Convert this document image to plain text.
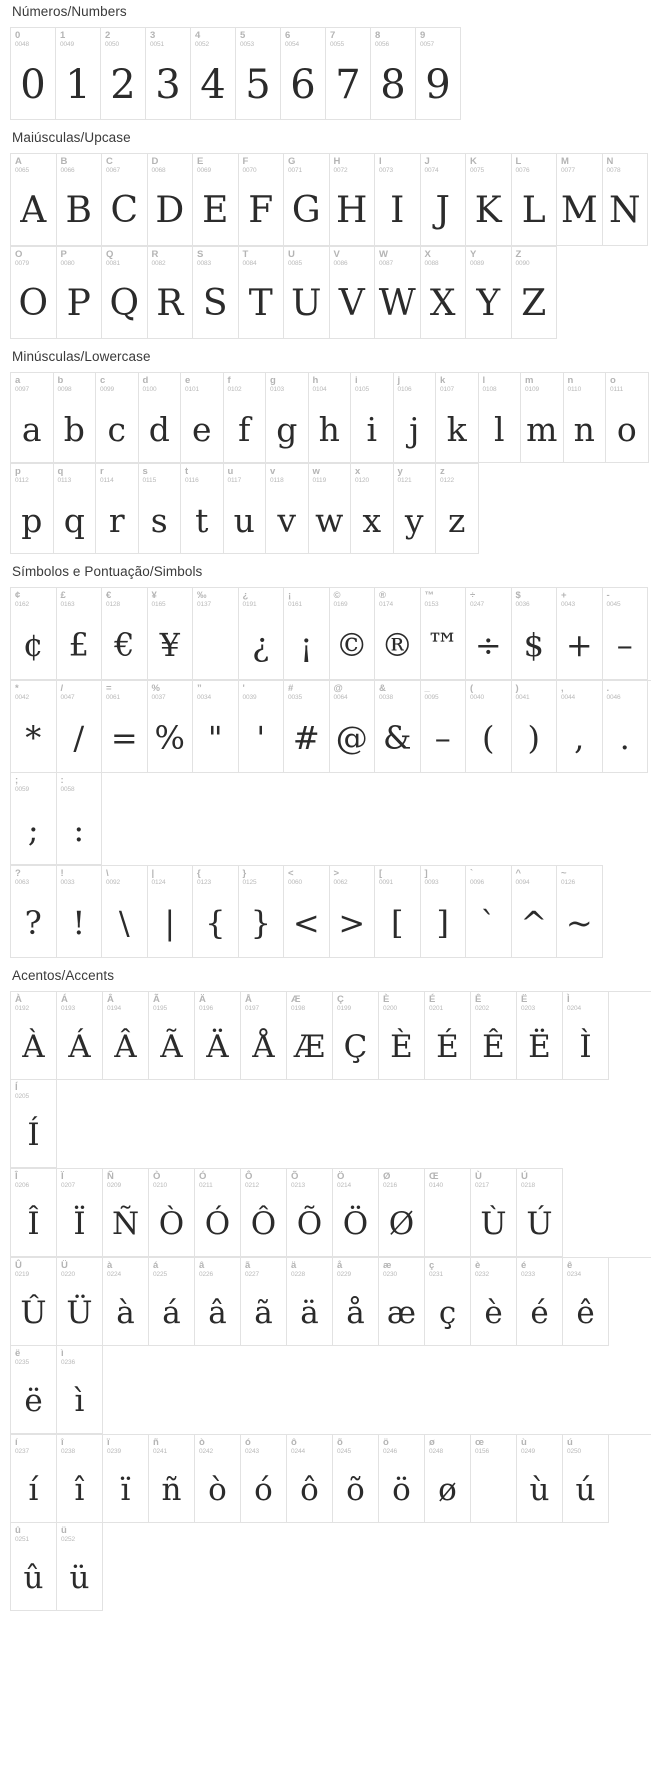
Números/Numbers
0
0048
0
1
0049
1
2
0050
2
3
0051
3
4
0052
4
5
0053
5
6
0054
6
7
0055
7
8
0056
8
9
0057
9
Maiúsculas/Upcase
A
0065
A
B
0066
B
C
0067
C
D
0068
D
E
0069
E
F
0070
F
G
0071
G
H
0072
H
I
0073
I
J
0074
J
K
0075
K
L
0076
L
M
0077
M
N
0078
N
O
0079
O
P
0080
P
Q
0081
Q
R
0082
R
S
0083
S
T
0084
T
U
0085
U
V
0086
V
W
0087
W
X
0088
X
Y
0089
Y
Z
0090
Z
Minúsculas/Lowercase
a
0097
a
b
0098
b
c
0099
c
d
0100
d
e
0101
e
f
0102
f
g
0103
g
h
0104
h
i
0105
i
j
0106
j
k
0107
k
l
0108
l
m
0109
m
n
0110
n
o
0111
o
p
0112
p
q
0113
q
r
0114
r
s
0115
s
t
0116
t
u
0117
u
v
0118
v
w
0119
w
x
0120
x
y
0121
y
z
0122
z
Símbolos e Pontuação/Simbols
¢
0162
¢
£
0163
£
€
0128
€
¥
0165
¥
‰
0137
¿
0191
¿
¡
0161
¡
©
0169
©
®
0174
®
™
0153
™
÷
0247
÷
$
0036
$
+
0043
+
-
0045
–
*
0042
*
/
0047
/
=
0061
=
%
0037
%
”
0034
"
'
0039
'
#
0035
#
@
0064
@
&
0038
&
_
0095
–
(
0040
(
)
0041
)
,
0044
,
.
0046
.
;
0059
;
:
0058
:
?
0063
?
!
0033
!
\
0092
\
|
0124
|
{
0123
{
}
0125
}
<
0060
<
>
0062
>
[
0091
[
]
0093
]
`
0096
`
^
0094
^
~
0126
~
Acentos/Accents
À
0192
À
Á
0193
Á
Â
0194
Â
Ã
0195
Ã
Ä
0196
Ä
Å
0197
Å
Æ
0198
Æ
Ç
0199
Ç
È
0200
È
É
0201
É
Ê
0202
Ê
Ë
0203
Ë
Ì
0204
Ì
Í
0205
Í
Î
0206
Î
Ï
0207
Ï
Ñ
0209
Ñ
Ò
0210
Ò
Ó
0211
Ó
Ô
0212
Ô
Õ
0213
Õ
Ö
0214
Ö
Ø
0216
Ø
Œ
0140
Ù
0217
Ù
Ú
0218
Ú
Û
0219
Û
Ü
0220
Ü
à
0224
à
á
0225
á
â
0226
â
ã
0227
ã
ä
0228
ä
å
0229
å
æ
0230
æ
ç
0231
ç
è
0232
è
é
0233
é
ê
0234
ê
ë
0235
ë
ì
0236
ì
í
0237
í
î
0238
î
ï
0239
ï
ñ
0241
ñ
ò
0242
ò
ó
0243
ó
ô
0244
ô
õ
0245
õ
ö
0246
ö
ø
0248
ø
œ
0156
ù
0249
ù
ú
0250
ú
û
0251
û
ü
0252
ü
